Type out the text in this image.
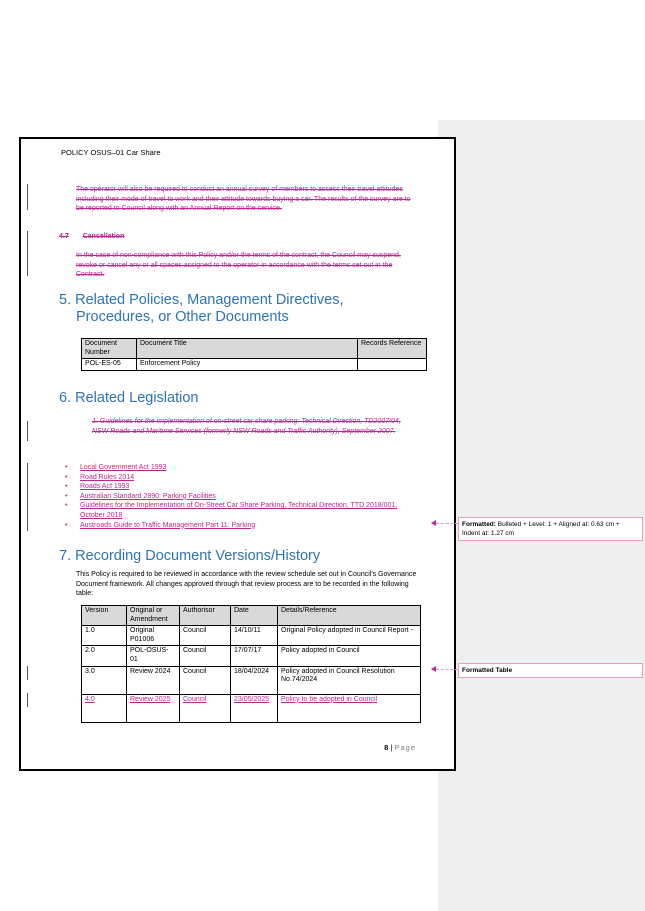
POLICY OSUS–01 Car Share
The operator will also be required to conduct an annual survey of members to assess their travel attitudes including their mode of travel to work and their attitude towards buying a car. The results of the survey are to be reported to Council along with an Annual Report on the service.
4.7 Cancellation
In the case of non-compliance with this Policy and/or the terms of the contract, the Council may suspend, revoke or cancel any or all spaces assigned to the operator in accordance with the terms set out in the Contract.
5. Related Policies, Management Directives,
Procedures, or Other Documents
Document Number	Document Title	Records Reference
POL-ES-05	Enforcement Policy	
6. Related Legislation
1. Guidelines for the implementation of on-street car share parking: Technical Direction, TD2007/04, NSW Roads and Maritime Services (formerly NSW Roads and Traffic Authority), September 2007.
• Local Government Act 1993
• Road Rules 2014
• Roads Act 1993
• Australian Standard 2890: Parking Facilities
• Guidelines for the Implementation of On-Street Car Share Parking, Technical Direction, TTD 2018/001, October 2018
• Austroads Guide to Traffic Management Part 11: Parking
7. Recording Document Versions/History
This Policy is required to be reviewed in accordance with the review schedule set out in Council's Governance Document framework. All changes approved through that review process are to be recorded in the following table:
Version	Original or Amendment	Authorisor	Date	Details/Reference
1.0	Original P01006	Council	14/10/11	Original Policy adopted in Council Report -
2.0	POL-OSUS-01	Council	17/07/17	Policy adopted in Council
3.0	Review 2024	Council	18/04/2024	Policy adopted in Council Resolution No.74/2024
4.0	Review 2025	Council	23/05/2025	Policy to be adopted in Council
8 | Page
Formatted: Bulleted + Level: 1 + Aligned at: 0.63 cm + Indent at: 1.27 cm
Formatted Table
